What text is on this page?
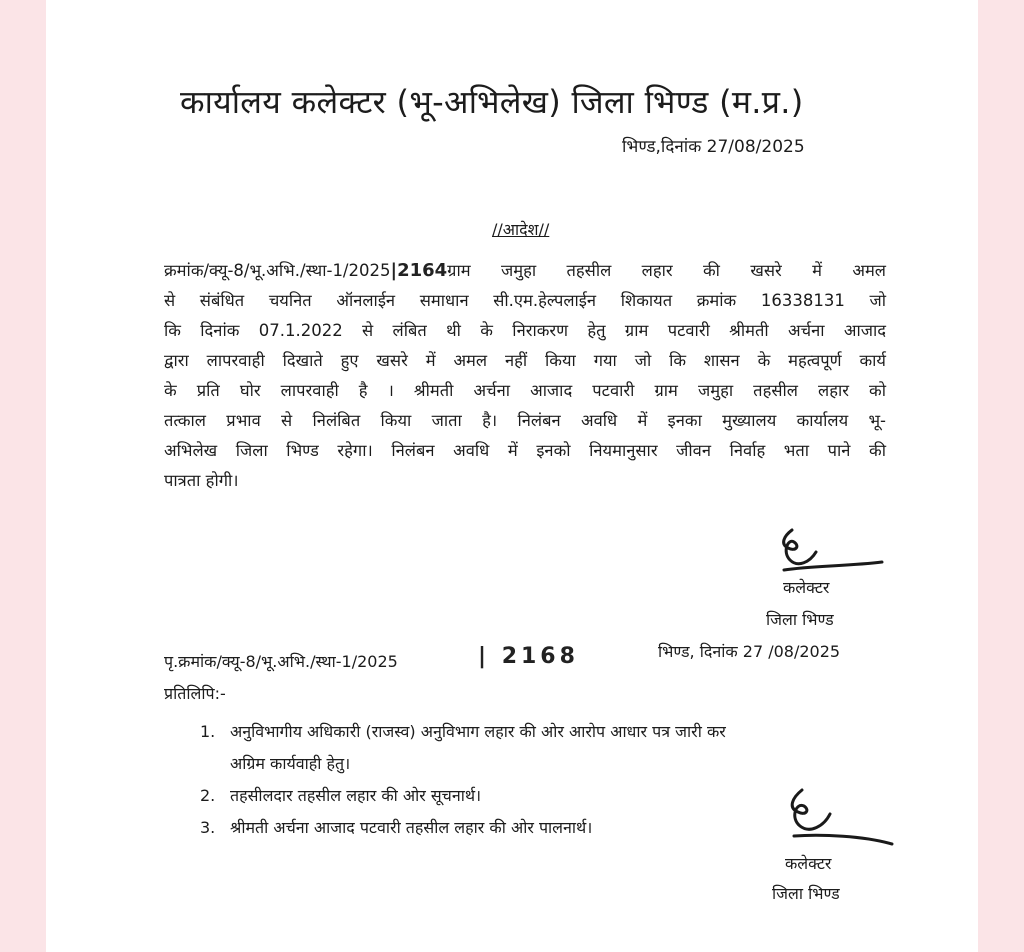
कार्यालय कलेक्टर (भू-अभिलेख) जिला भिण्ड (म.प्र.)
भिण्ड,दिनांक 27/08/2025
//आदेश//
क्रमांक/क्यू-8/भू.अभि./स्था-1/2025|2164ग्राम जमुहा तहसील लहार की खसरे में अमल
से संबंधित चयनित ऑनलाईन समाधान सी.एम.हेल्पलाईन शिकायत क्रमांक 16338131 जो
कि दिनांक 07.1.2022 से लंबित थी के निराकरण हेतु ग्राम पटवारी श्रीमती अर्चना आजाद
द्वारा लापरवाही दिखाते हुए खसरे में अमल नहीं किया गया जो कि शासन के महत्वपूर्ण कार्य
के प्रति घोर लापरवाही है । श्रीमती अर्चना आजाद पटवारी ग्राम जमुहा तहसील लहार को
तत्काल प्रभाव से निलंबित किया जाता है। निलंबन अवधि में इनका मुख्यालय कार्यालय भू-
अभिलेख जिला भिण्ड रहेगा। निलंबन अवधि में इनको नियमानुसार जीवन निर्वाह भता पाने की
पात्रता होगी।
कलेक्टर
जिला भिण्ड
पृ.क्रमांक/क्यू-8/भू.अभि./स्था-1/2025	| 2168	भिण्ड, दिनांक 27 /08/2025
प्रतिलिपि:-
1. अनुविभागीय अधिकारी (राजस्व) अनुविभाग लहार की ओर आरोप आधार पत्र जारी कर
अग्रिम कार्यवाही हेतु।
2. तहसीलदार तहसील लहार की ओर सूचनार्थ।
3. श्रीमती अर्चना आजाद पटवारी तहसील लहार की ओर पालनार्थ।
कलेक्टर
जिला भिण्ड
